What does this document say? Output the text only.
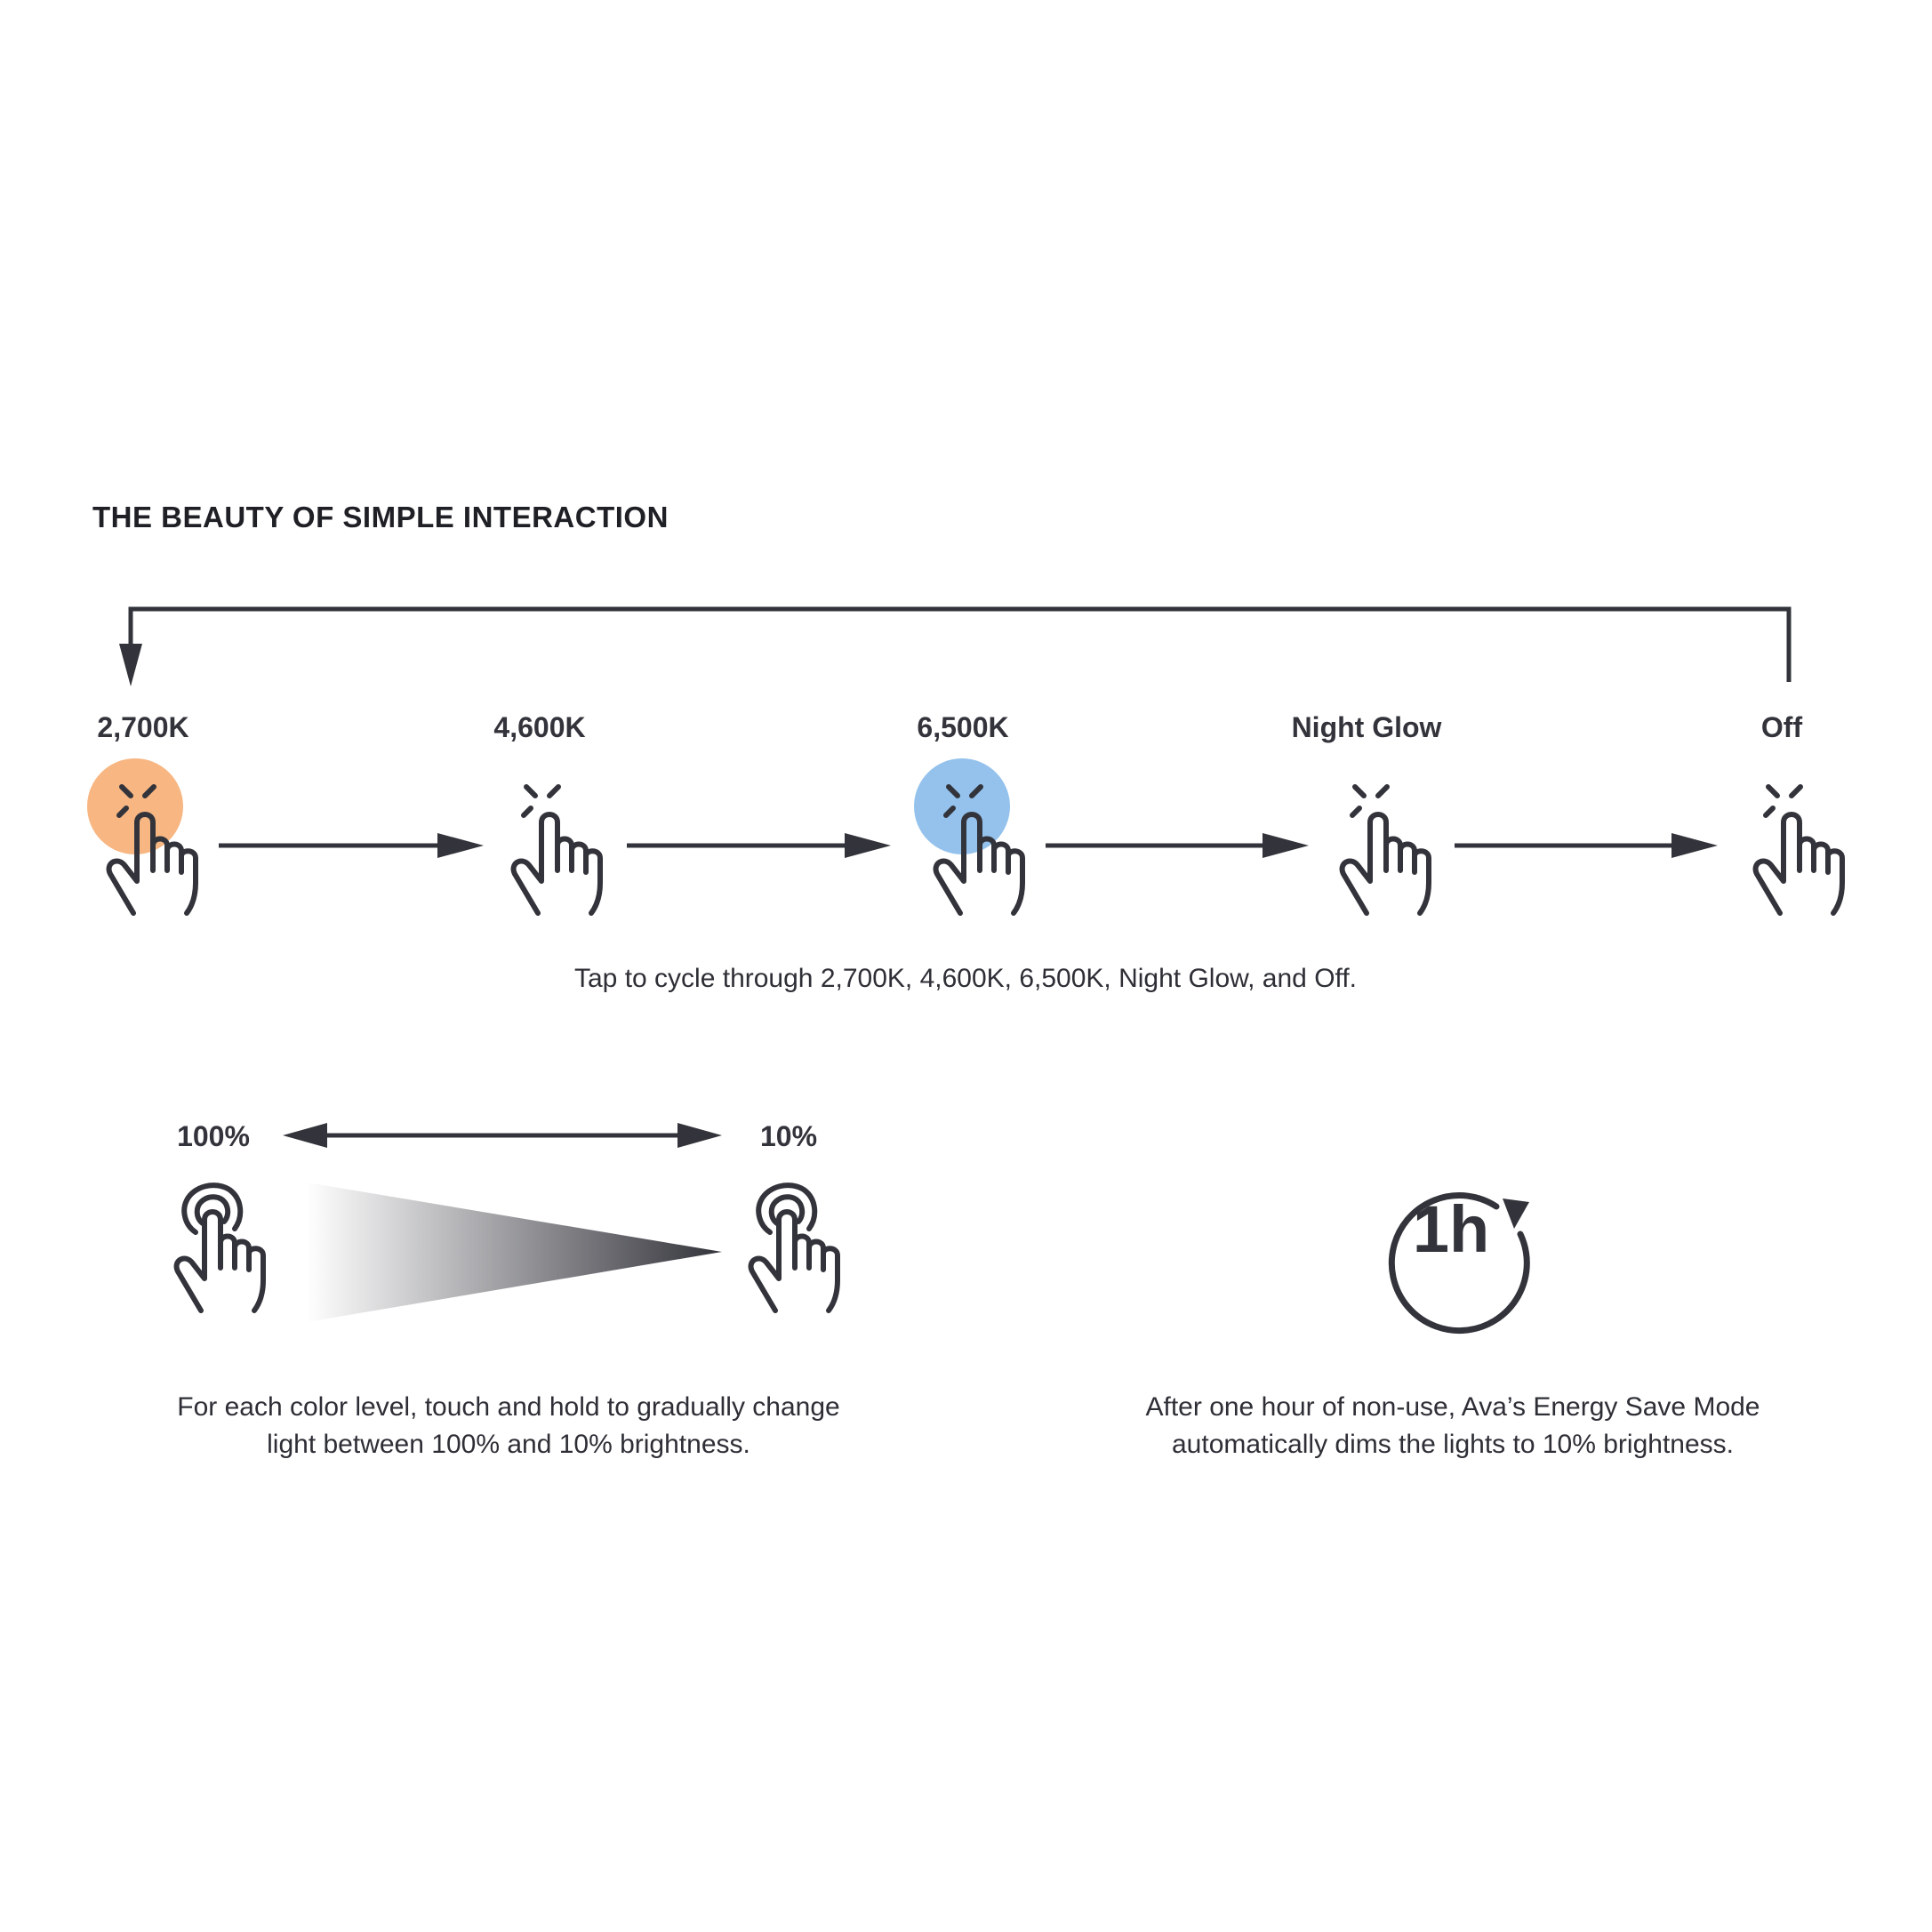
THE BEAUTY OF SIMPLE INTERACTION
2,700K	4,600K	6,500K	Night Glow	Off
1h
Tap to cycle through 2,700K, 4,600K, 6,500K, Night Glow, and Off.
100%	10%
For each color level, touch and hold to gradually change
light between 100% and 10% brightness.
After one hour of non-use, Ava’s Energy Save Mode
automatically dims the lights to 10% brightness.
